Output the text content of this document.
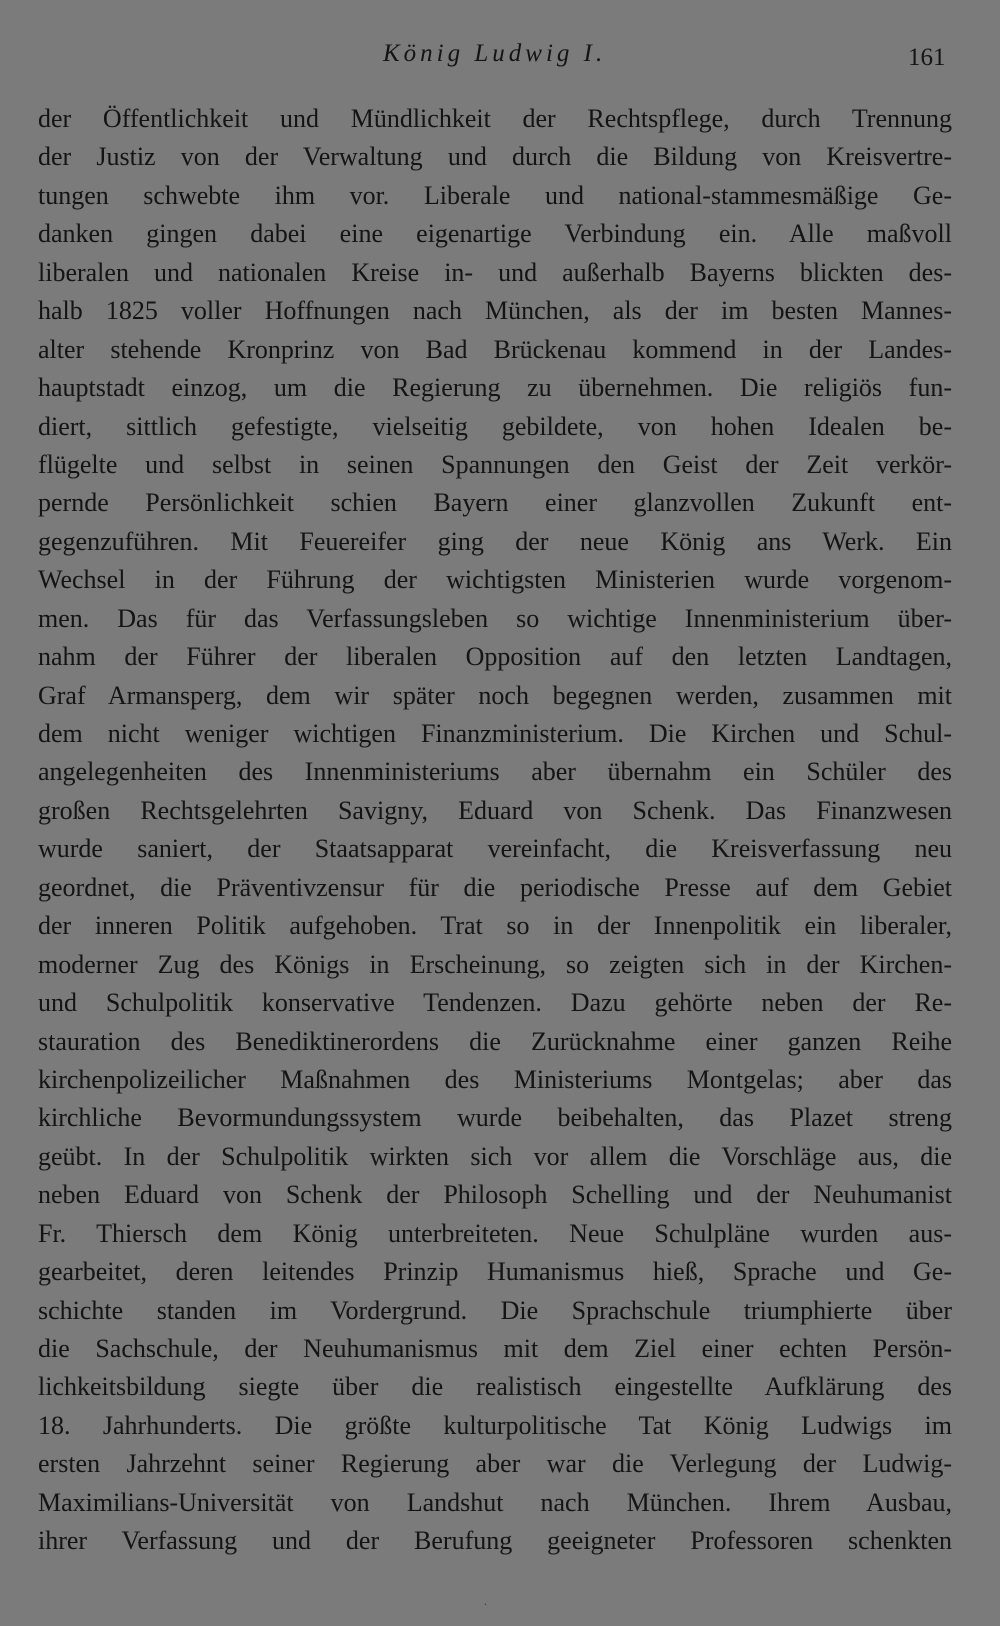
König Ludwig I.	161
der Öffentlichkeit und Mündlichkeit der Rechtspflege, durch Trennung
der Justiz von der Verwaltung und durch die Bildung von Kreisvertre-
tungen schwebte ihm vor. Liberale und national-stammesmäßige Ge-
danken gingen dabei eine eigenartige Verbindung ein. Alle maßvoll
liberalen und nationalen Kreise in- und außerhalb Bayerns blickten des-
halb 1825 voller Hoffnungen nach München, als der im besten Mannes-
alter stehende Kronprinz von Bad Brückenau kommend in der Landes-
hauptstadt einzog, um die Regierung zu übernehmen. Die religiös fun-
diert, sittlich gefestigte, vielseitig gebildete, von hohen Idealen be-
flügelte und selbst in seinen Spannungen den Geist der Zeit verkör-
pernde Persönlichkeit schien Bayern einer glanzvollen Zukunft ent-
gegenzuführen. Mit Feuereifer ging der neue König ans Werk. Ein
Wechsel in der Führung der wichtigsten Ministerien wurde vorgenom-
men. Das für das Verfassungsleben so wichtige Innenministerium über-
nahm der Führer der liberalen Opposition auf den letzten Landtagen,
Graf Armansperg, dem wir später noch begegnen werden, zusammen mit
dem nicht weniger wichtigen Finanzministerium. Die Kirchen und Schul-
angelegenheiten des Innenministeriums aber übernahm ein Schüler des
großen Rechtsgelehrten Savigny, Eduard von Schenk. Das Finanzwesen
wurde saniert, der Staatsapparat vereinfacht, die Kreisverfassung neu
geordnet, die Präventivzensur für die periodische Presse auf dem Gebiet
der inneren Politik aufgehoben. Trat so in der Innenpolitik ein liberaler,
moderner Zug des Königs in Erscheinung, so zeigten sich in der Kirchen-
und Schulpolitik konservative Tendenzen. Dazu gehörte neben der Re-
stauration des Benediktinerordens die Zurücknahme einer ganzen Reihe
kirchenpolizeilicher Maßnahmen des Ministeriums Montgelas; aber das
kirchliche Bevormundungssystem wurde beibehalten, das Plazet streng
geübt. In der Schulpolitik wirkten sich vor allem die Vorschläge aus, die
neben Eduard von Schenk der Philosoph Schelling und der Neuhumanist
Fr. Thiersch dem König unterbreiteten. Neue Schulpläne wurden aus-
gearbeitet, deren leitendes Prinzip Humanismus hieß, Sprache und Ge-
schichte standen im Vordergrund. Die Sprachschule triumphierte über
die Sachschule, der Neuhumanismus mit dem Ziel einer echten Persön-
lichkeitsbildung siegte über die realistisch eingestellte Aufklärung des
18. Jahrhunderts. Die größte kulturpolitische Tat König Ludwigs im
ersten Jahrzehnt seiner Regierung aber war die Verlegung der Ludwig-
Maximilians-Universität von Landshut nach München. Ihrem Ausbau,
ihrer Verfassung und der Berufung geeigneter Professoren schenkten
.
